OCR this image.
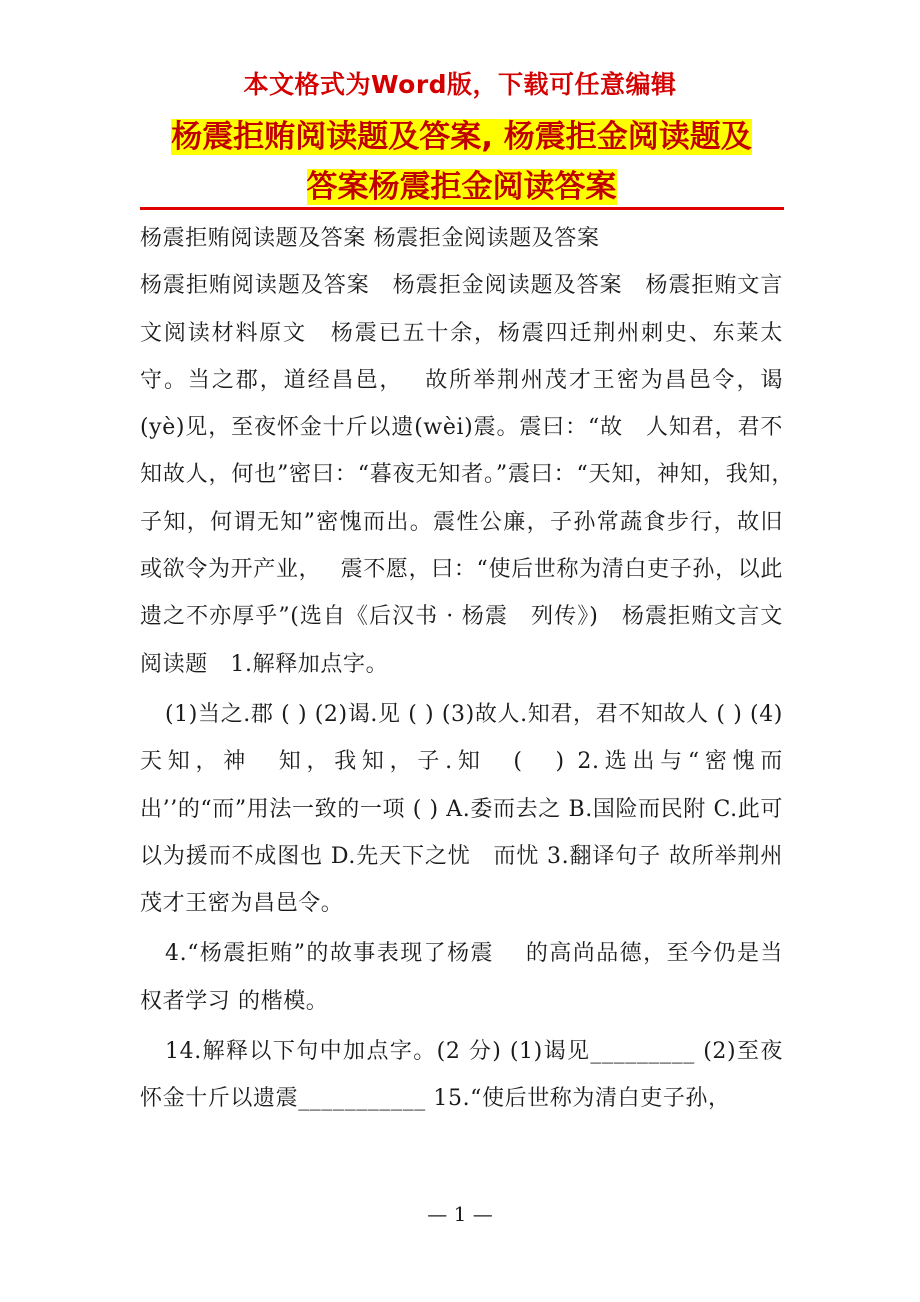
本文格式为Word版，下载可任意编辑
杨震拒贿阅读题及答案, 杨震拒金阅读题及
答案杨震拒金阅读答案

杨震拒贿阅读题及答案 杨震拒金阅读题及答案

杨震拒贿阅读题及答案　杨震拒金阅读题及答案　杨震拒贿文言文阅读材料原文　杨震已五十余，杨震四迁荆州刺史、东莱太守。当之郡，道经昌邑，　 故所举荆州茂才王密为昌邑令，谒(yè)见，至夜怀金十斤以遗(wèi)震。震曰：“故　人知君，君不知故人，何也”密曰：“暮夜无知者。”震曰：“天知，神知，我知，　子知，何谓无知”密愧而出。震性公廉，子孙常蔬食步行，故旧或欲令为开产业，　 震不愿，曰：“使后世称为清白吏子孙，以此遗之不亦厚乎”(选自《后汉书 · 杨震　列传》)　杨震拒贿文言文阅读题　1.解释加点字。

(1)当之.郡 ( ) (2)谒.见 ( ) (3)故人.知君，君不知故人 ( ) (4)天知，神　知，我知，子.知　(　) 2.选出与“密愧而出’’的“而”用法一致的一项 ( ) A.委而去之 B.国险而民附 C.此可以为援而不成图也 D.先天下之忧　而忧 3.翻译句子 故所举荆州茂才王密为昌邑令。

4.“杨震拒贿”的故事表现了杨震　 的高尚品德，至今仍是当权者学习 的楷模。

14.解释以下句中加点字。(2 分) (1)谒见_________ (2)至夜怀金十斤以遗震___________ 15.“使后世称为清白吏子孙，

— 1 —
